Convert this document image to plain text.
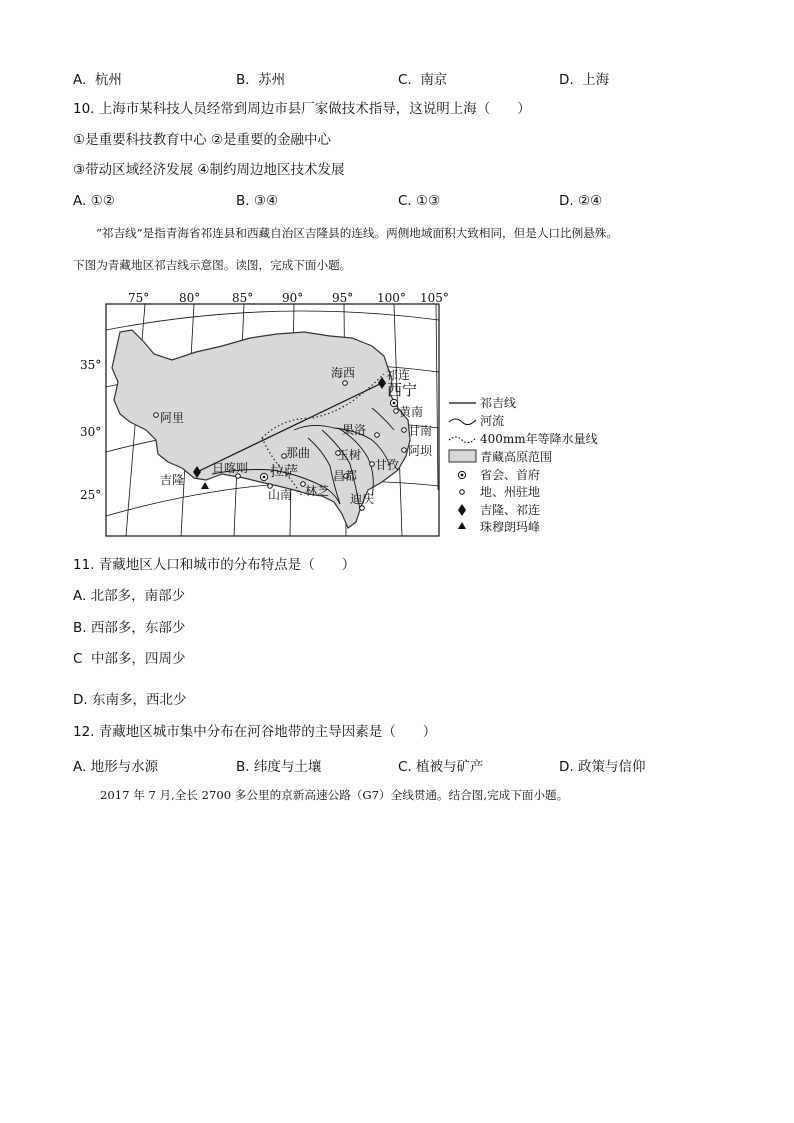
A. 杭州	B. 苏州	C. 南京	D. 上海
10. 上海市某科技人员经常到周边市县厂家做技术指导，这说明上海（　　）
①是重要科技教育中心 ②是重要的金融中心
③带动区域经济发展 ④制约周边地区技术发展
A. ①②	B. ③④	C. ①③	D. ②④
“祁吉线”是指青海省祁连县和西藏自治区吉隆县的连线。两侧地域面积大致相同，但是人口比例悬殊。
下图为青藏地区祁吉线示意图。读图，完成下面小题。
75° 80°	85° 90° 95° 100° 105°
35°
30°
25°
海西	祁连
西宁
黄南
阿里
果洛	甘南
那曲 玉树	阿坝
吉隆
日喀则 拉萨	昌都
甘孜
山南 林芝
迪庆
祁吉线
河流
400mm年等降水量线
青藏高原范围
省会、首府
地、州驻地
吉隆、祁连
珠穆朗玛峰
11. 青藏地区人口和城市的分布特点是（　　）
A. 北部多，南部少
B. 西部多，东部少
C 中部多，四周少
D. 东南多，西北少
12. 青藏地区城市集中分布在河谷地带的主导因素是（　　）
A. 地形与水源	B. 纬度与土壤	C. 植被与矿产	D. 政策与信仰
2017 年 7 月,全长 2700 多公里的京新高速公路（G7）全线贯通。结合图,完成下面小题。
